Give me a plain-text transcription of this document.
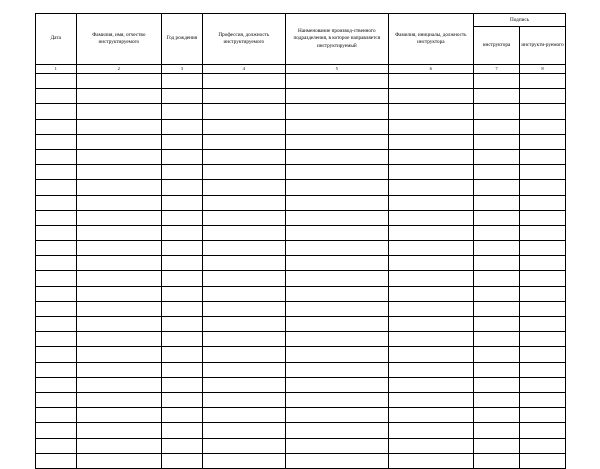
Дата	Фамилия, имя, отчество инструктируемого	Год рождения	Профессия, должность инструктируемого	Наименование производ-ственного подразделения, в которое направляется инструктируемый	Фамилия, инициалы, должность инструктора	Подпись	
						инструктора	инструкти-руемого
1	2	3	4	5	6	7	8
